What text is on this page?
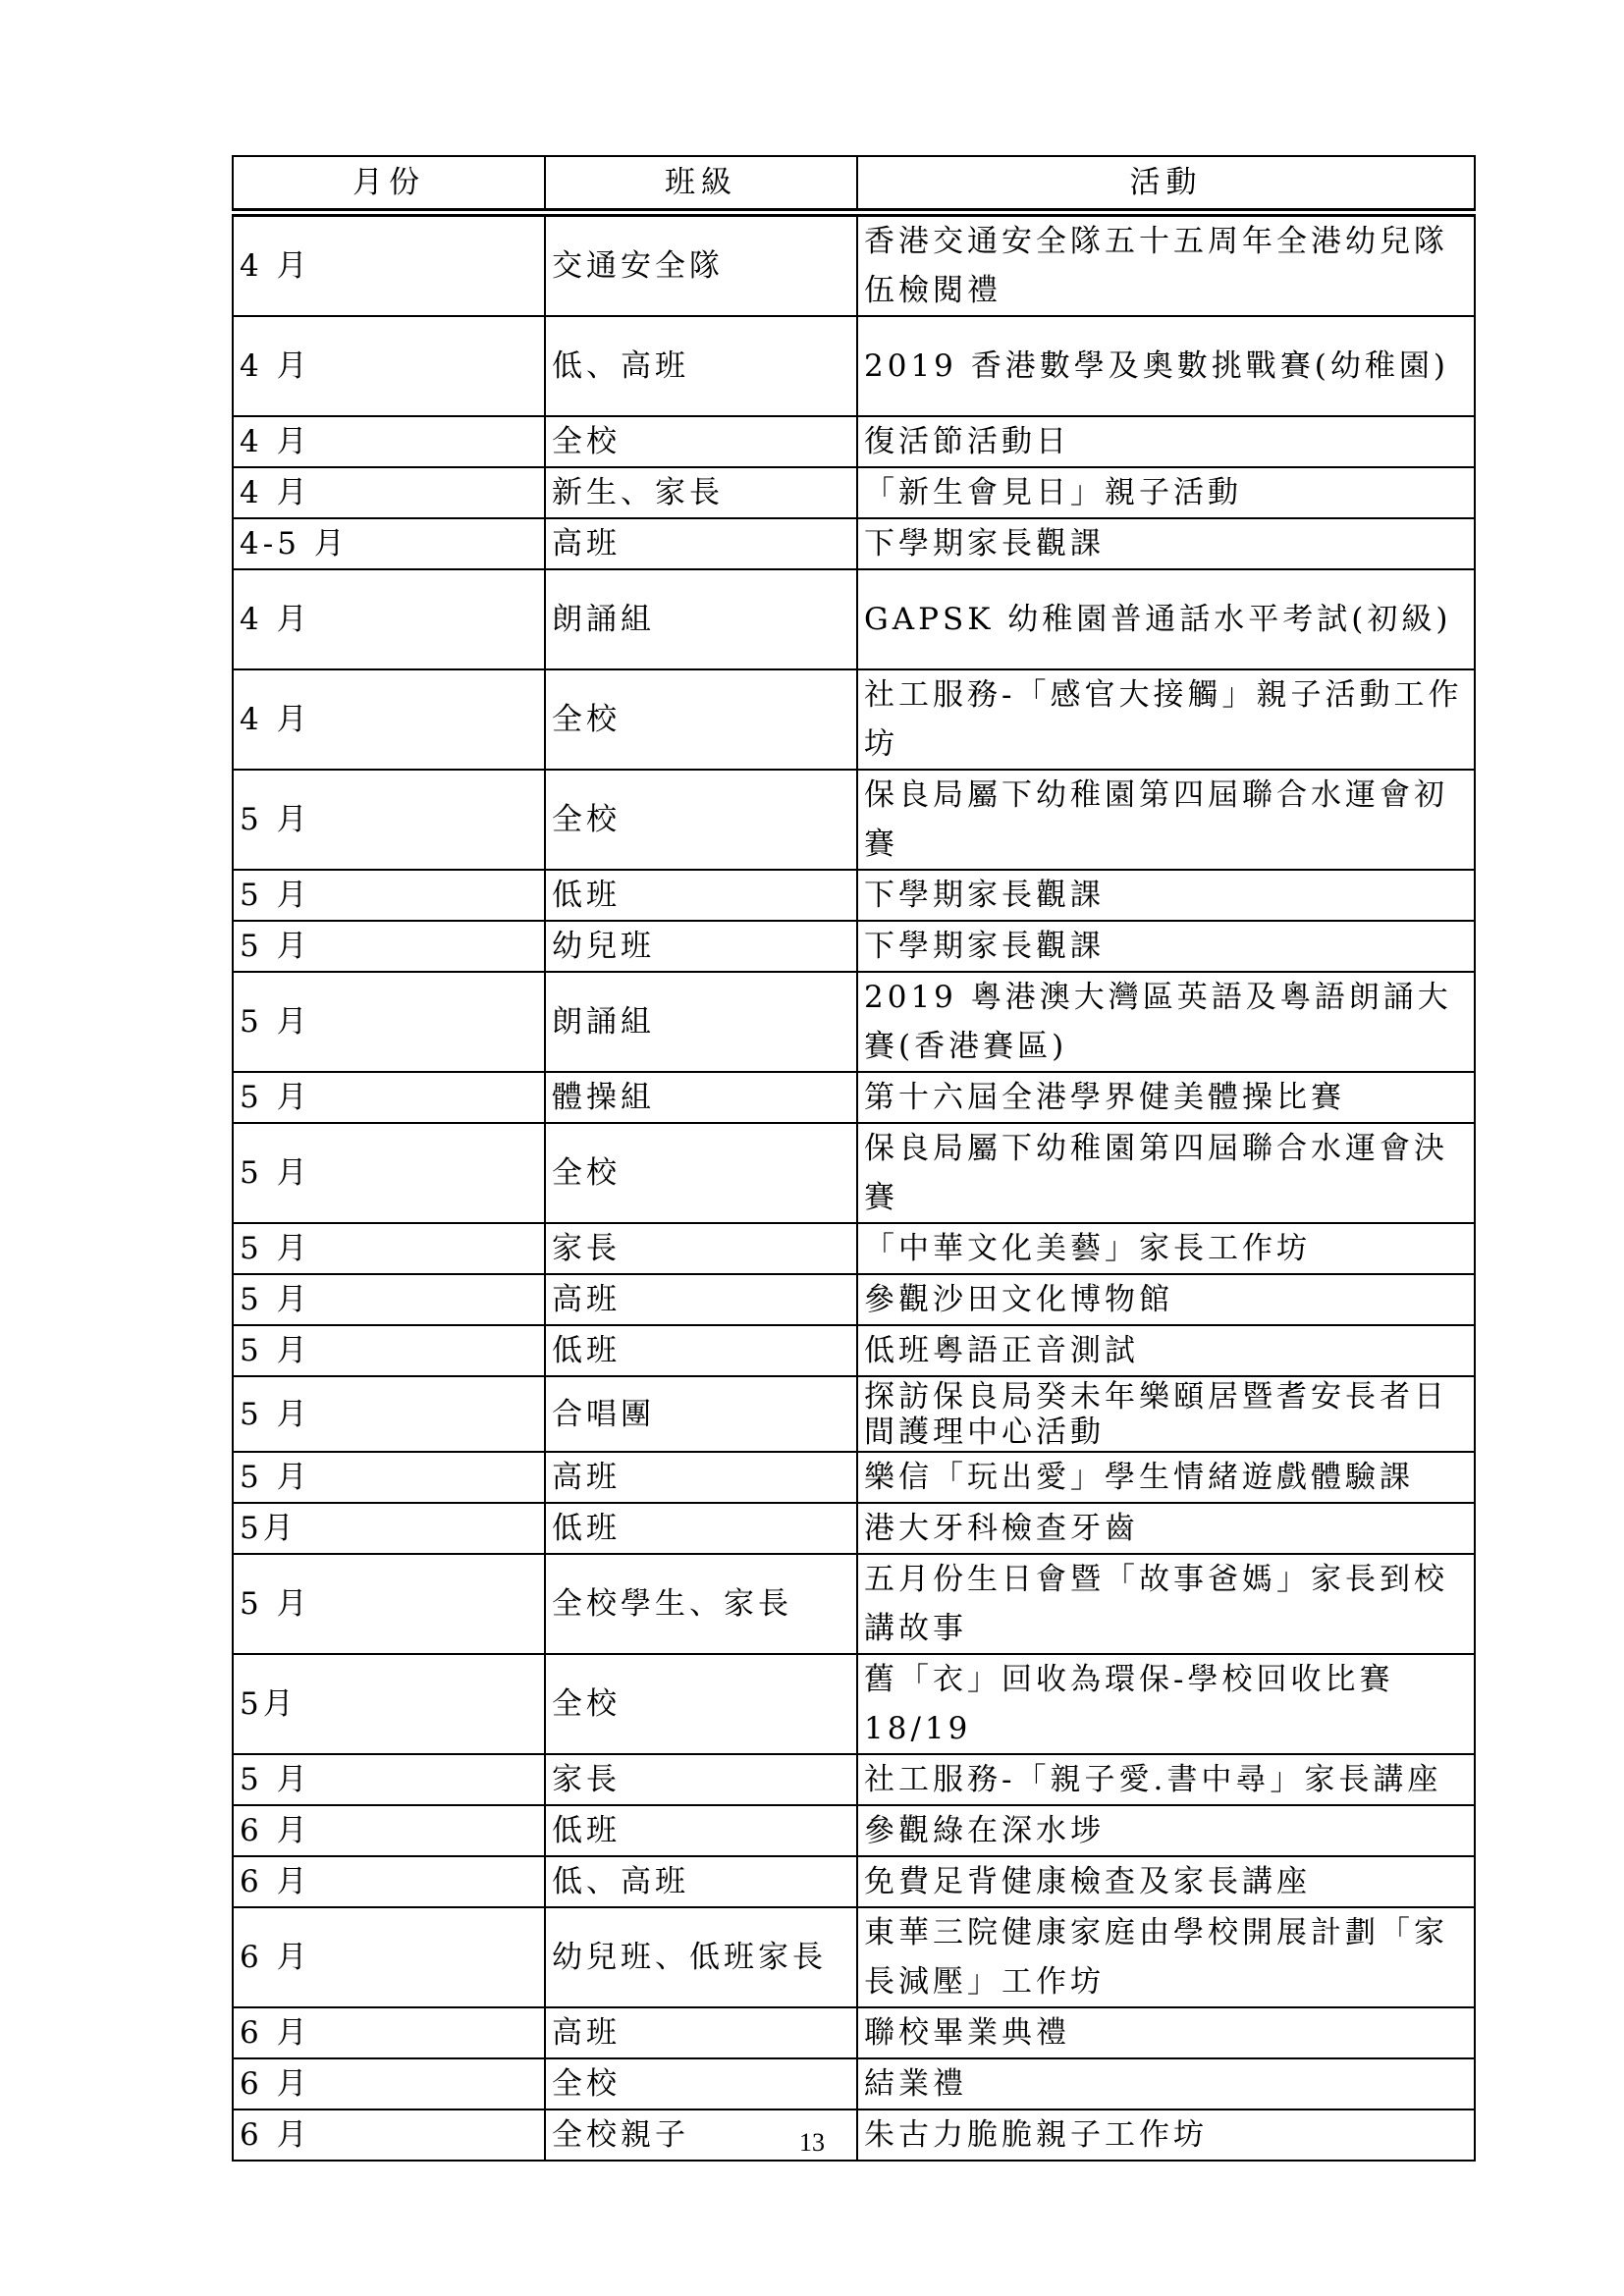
月份	班級	活動
4 月	交通安全隊	香港交通安全隊五十五周年全港幼兒隊伍檢閱禮
4 月	低、高班	2019 香港數學及奧數挑戰賽(幼稚園)
4 月	全校	復活節活動日
4 月	新生、家長	「新生會見日」親子活動
4-5 月	高班	下學期家長觀課
4 月	朗誦組	GAPSK 幼稚園普通話水平考試(初級)
4 月	全校	社工服務-「感官大接觸」親子活動工作坊
5 月	全校	保良局屬下幼稚園第四屆聯合水運會初賽
5 月	低班	下學期家長觀課
5 月	幼兒班	下學期家長觀課
5 月	朗誦組	2019 粵港澳大灣區英語及粵語朗誦大賽(香港賽區)
5 月	體操組	第十六屆全港學界健美體操比賽
5 月	全校	保良局屬下幼稚園第四屆聯合水運會決賽
5 月	家長	「中華文化美藝」家長工作坊
5 月	高班	參觀沙田文化博物館
5 月	低班	低班粵語正音測試
5 月	合唱團	探訪保良局癸未年樂頤居暨耆安長者日間護理中心活動
5 月	高班	樂信「玩出愛」學生情緒遊戲體驗課
5月	低班	港大牙科檢查牙齒
5 月	全校學生、家長	五月份生日會暨「故事爸媽」家長到校講故事
5月	全校	舊「衣」回收為環保-學校回收比賽 18/19
5 月	家長	社工服務-「親子愛.書中尋」家長講座
6 月	低班	參觀綠在深水埗
6 月	低、高班	免費足背健康檢查及家長講座
6 月	幼兒班、低班家長	東華三院健康家庭由學校開展計劃「家長減壓」工作坊
6 月	高班	聯校畢業典禮
6 月	全校	結業禮
6 月	全校親子	朱古力脆脆親子工作坊
13
